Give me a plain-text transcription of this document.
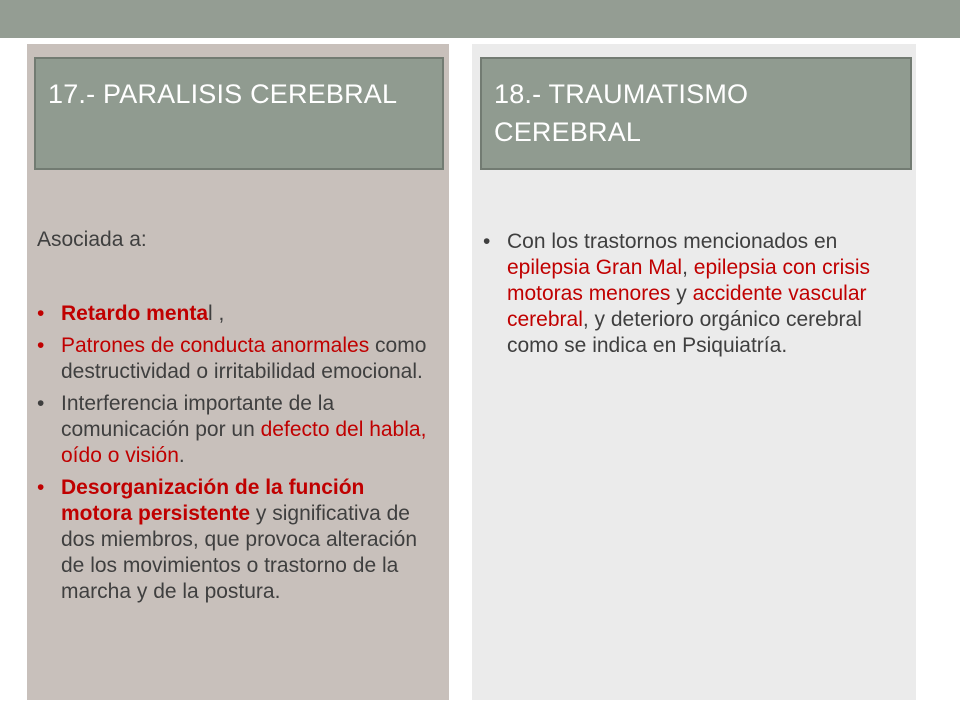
17.- PARALISIS CEREBRAL	18.- TRAUMATISMO CEREBRAL
Asociada a:
• Retardo mental ,
• Patrones de conducta anormales como destructividad o irritabilidad emocional.
• Interferencia importante de la comunicación por un defecto del habla, oído o visión.
• Desorganización de la función motora persistente y significativa de dos miembros, que provoca alteración de los movimientos o trastorno de la marcha y de la postura.
• Con los trastornos mencionados en epilepsia Gran Mal, epilepsia con crisis motoras menores y accidente vascular cerebral, y deterioro orgánico cerebral como se indica en Psiquiatría.
